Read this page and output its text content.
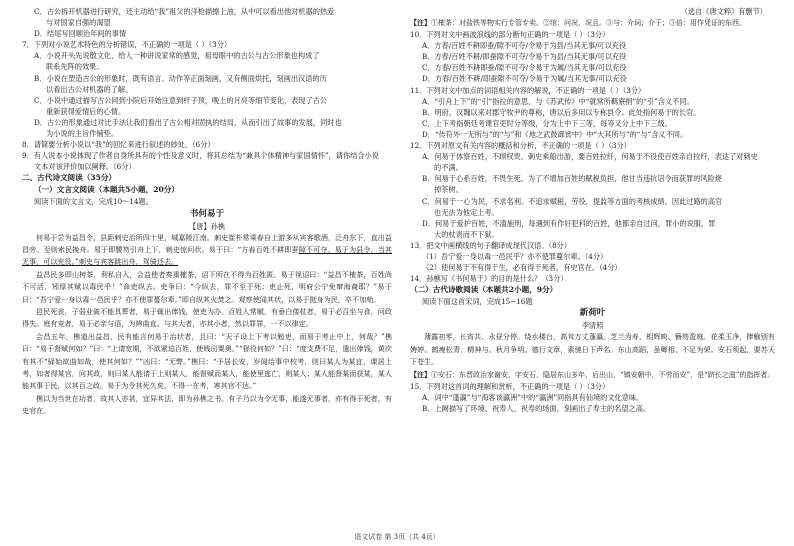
C．古公拆开机器进行研究，还主动给“我”祖父的洋枪描擦上油，从中可以看出他对机器的热爱

与对国家自强的渴望

D．结尾写回顺治年间的事情

7．下列对小说艺术特色的分析错误，不正确的一项是（ ）（3分）

A．小说开头先说散文化，给人一种讲说家常的感觉，祖母眼中的古公与古公形象也构成了

联系先阵的效果。

B．小说在塑造古公的形象时，既有语言、动作等正面刻画，又有侧面烘托，刻画出汉语的历

以看出古公对机器的了解。

C．小说中通过描写古公同到小院后开始注意到杆子顶，晚上的月亮等细节变化，表现了古公

重新获得爱情后的心情。

D．古公的形象通过对比手法让我们看出了古公相对固执的结局，从而引出了故事的发展，同时也

为小说的主旨作铺垫。

8．请简要分析小说以“我”的回忆来进行叙述的妙处。（6分）

9．有人说本小说体现了作者自身所具有的个性及意义时，将其总结为“兼具个体精神与家国情怀”，请你结合小说

文本对该评价加以阐释。（6分）

二、古代诗文阅读（35分）

（一）文言文阅读（本题共5小题，20分）

阅读下面的文言文，完成10～14题。

书何易于

【唐】孙樵

何易于尝为益昌令，县距刺史治所四十里，城嘉陵江南。刺史崔朴常乘春自上游多从宾客歌酒，泛舟东下，直出益昌旁。至则索民挽舟。易于即腰笏引舟上下，刺史惊问状。易于曰：“方春百姓不耕即蚕隙不可夺。易于为县令，当其无事，可以充役。”刺史与宾客跳出舟，驾骑还去。

益昌民多即山树茶，利私自入，会益使者奏重榷茶，诏下所在不得为百姓匿。易于视诏曰：“益昌不榷茶，百姓尚不可活，矧厚其赋以毒民乎！”命吏纵去。吏争曰：“今纵去，罪不至于死；吏止死，明府公宁免窜海裔耶？”易于曰：“吾宁爱一身以毒一邑民乎？亦不使罪蔓尔辈。”即自纵其火焚之。观察使闻其状，以易于挺身为民，卒不加劾。

邑民死丧，子弱业破不能具葬者，易于辄出俸钱，使吏为办。百姓入常赋，有垂白偻杖者，易于必召坐与食，问政得失。庭有竞者，易于必亲与语，为辨曲直。与其大者，亦其小者，然以罪罪，一不以律定。

会昌五年，樵道出益昌，民有能言何易于治状者，且曰：“天子设上下考以勉吏，而易于考止中上，何哉？”樵曰：“易于督赋何如？”曰：“上请宽期，不欲紧迫百姓，使贱出粟奥。”“督役何如？”曰：“度支费不足，遣出俸钱，黄次有其不“驿始欲曲如哉，使其何如？”“凶曰：“无弊。”樵曰：“予居长安，岁闻给事中校考，则曰某人为某宜，课居上考，如者得某官，问其政，则曰某人能请于上则某人，能督赋而某人，能使里逃亡，则某人；某人能督某而获某，某人能其事于民，以其百之政。易于为令其死久矣，不得一在考，寒其官不达。”

樵以为当世在功者，故其人亦甚，宜异其法，即为孙樵之书。有子乃以为令无事，能遂无事者，亦有得于死者，有史官在。

（选自《唐文粹》有删节）

【注】①榷茶：对盐铁等物实行专管专卖。②绾：问况，况且。③与：介词；介于；③倍：用作凭证的东西。

10．下列对文中画波浪线的部分断句正确的一项是（ ）（3分）

A．方春/百姓不耕即蚕/隙不可夺/令易于为县/当其无事/可以充役

B．方春/百姓不耕/即蚕隙不可夺/令易于为县/当其无事/可以充役

C．方春/百姓不耕即蚕/隙不可夺/令易于为属/当其无事/可以充役

D．方春/百姓不耕/即蚕隙不可夺/令易于为属/当其无事/可以充役

11．下列对文中加点的词语相关内容的解说，不正确的一项是（ ）（3分）

A．“引舟上下”的“引”指拉的意思，与《苏武传》中“就常所羁寮捐”的“引”含义不同。

B．明府，汉魏以来对郡守牧尹的尊称，唐以后多用以专称县令。此处指何易于的长官。

C．上下考指朝廷考课官吏时分等级，分为上中下三等，每等又分上中下三级。

D．“传符外一无所与”的“与”和《地之武鼓御赏中》中“大其所与”的“与”含义不同。

12．下列对原文有关内容的概括和分析，不正确的一项是（ ）（3分）

A．何易于体察百姓，不顾权贵。刺史乘船出游，要百姓拉纤，何易于不役使百姓亲自拉纤，表达了对刺史

的不满。

B．何易于心系百姓，不畏生死。为了不增加百姓的赋税负担，他甘当违抗诏令而获罪的风险烧

掉茶树。

C．何易于一心为民，不求名利。不追求赋税，劳役，提监等方面的考核成绩，因此过路的高官

也无法为他定上考。

D．何易于爱护百姓，不滥施刑，每遇到有作奸犯科的百姓，他都亲自过问，罪小的说服，罪

大的杖责而不下狱。

13．把文中画横线的句子翻译成现代汉语。（8分）

（1）吾宁爱一身以毒一邑民乎？亦不使罪蔓尔辈。（4分）

（2）使何易于不有得于生，必有得于死者，有史官在。（4分）

14．孙樵写《书何易于》的目的是什么？（3分）

（二）古代诗歌阅读（本题共2小题，9分）

阅读下面这首宋词，完成15~16题

新荷叶

李清照

薄露初零，长宵共、永昼分停。绕水楼台，高耸万丈蓬瀛。芝兰为寿，相辉映、簪笏盈庭。花柔玉净，捧觞别有娉婷。鹤瘦松青，精神与、秋月争明。德行文章，素驰日下声名。东山高蹈，虽卿相、不足为荣。安石须起，要苏天下苍生。

【注】①安石：东晋政治家谢安，字安石，隐居东山多年，后出山，“镇安朝中，不劳而安”，是“跻长之滋”的指挥者。

15．下列对这首词的理解和赏析，不正确的一项是（ ）（3分）

A．词中“蓬瀛”与“海客谈瀛洲”中的“瀛洲”同指具有仙境的文化意味。

B．上阙描写了环境、祝寿人、祝寿的场面，刻画出了寿主的名望之高。

语文试卷 第 3页（共 4页）
